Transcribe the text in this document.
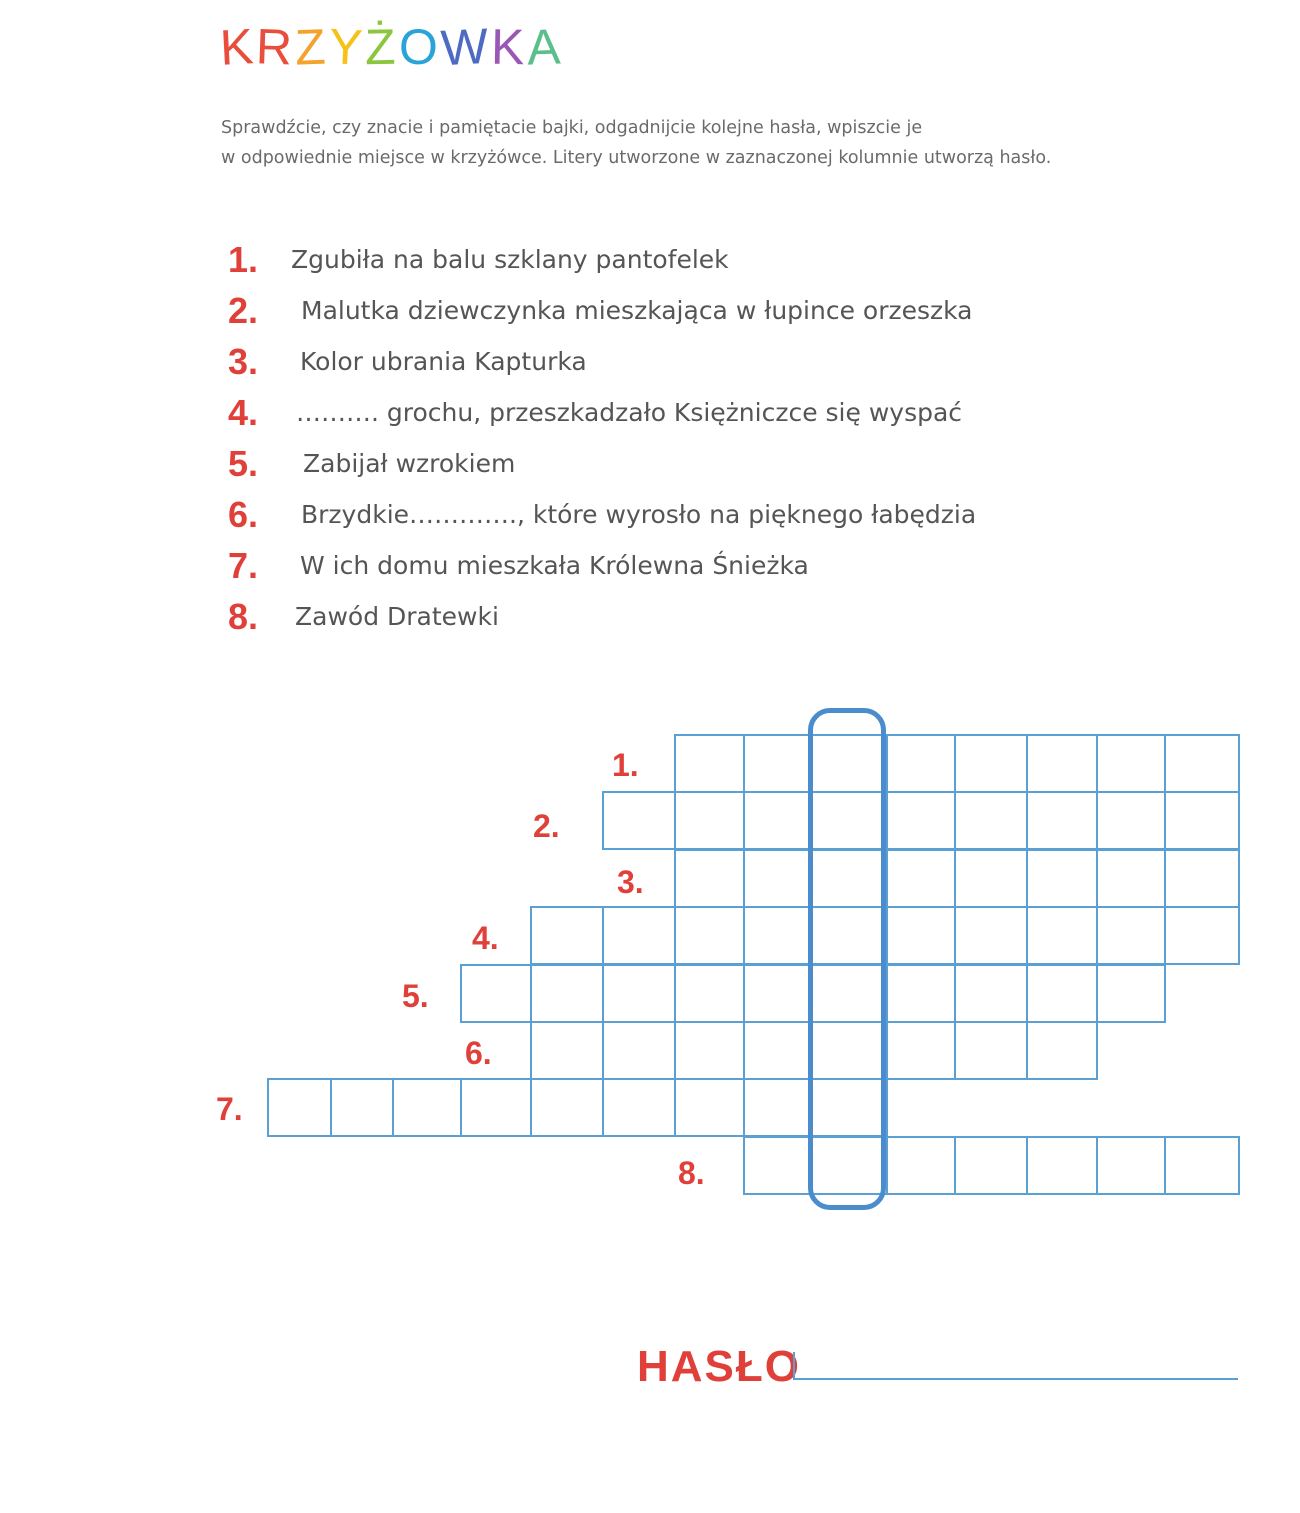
KRZYŻOWKA
Sprawdźcie, czy znacie i pamiętacie bajki, odgadnijcie kolejne hasła, wpiszcie je
w odpowiednie miejsce w krzyżówce. Litery utworzone w zaznaczonej kolumnie utworzą hasło.
1. Zgubiła na balu szklany pantofelek
2. Malutka dziewczynka mieszkająca w łupince orzeszka
3. Kolor ubrania Kapturka
4. ………. grochu, przeszkadzało Księżniczce się wyspać
5. Zabijał wzrokiem
6. Brzydkie…………., które wyrosło na pięknego łabędzia
7. W ich domu mieszkała Królewna Śnieżka
8. Zawód Dratewki
1.
2.
3.
4.
5.
6.
7.
8.
HASŁO
